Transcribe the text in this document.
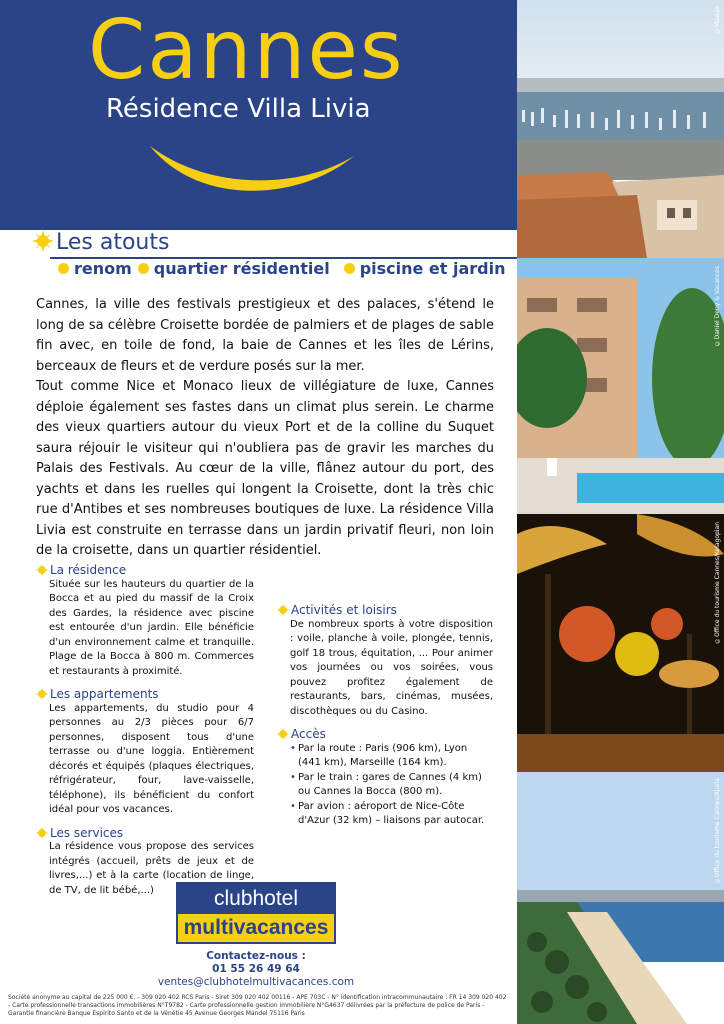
Cannes
Résidence Villa Livia
Les atouts
renom quartier résidentiel piscine et jardin

Cannes, la ville des festivals prestigieux et des palaces, s'étend le long de sa célèbre Croisette bordée de palmiers et de plages de sable fin avec, en toile de fond, la baie de Cannes et les îles de Lérins, berceaux de fleurs et de verdure posés sur la mer.

Tout comme Nice et Monaco lieux de villégiature de luxe, Cannes déploie également ses fastes dans un climat plus serein. Le charme des vieux quartiers autour du vieux Port et de la colline du Suquet saura réjouir le visiteur qui n'oubliera pas de gravir les marches du Palais des Festivals. Au cœur de la ville, flânez autour du port, des yachts et dans les ruelles qui longent la Croisette, dont la très chic rue d'Antibes et ses nombreuses boutiques de luxe. La résidence Villa Livia est construite en terrasse dans un jardin privatif fleuri, non loin de la croisette, dans un quartier résidentiel.

La résidence
Située sur les hauteurs du quartier de la Bocca et au pied du massif de la Croix des Gardes, la résidence avec piscine est entourée d'un jardin. Elle bénéficie d'un environnement calme et tranquille. Plage de la Bocca à 800 m. Commerces et restaurants à proximité.
Les appartements
Les appartements, du studio pour 4 personnes au 2/3 pièces pour 6/7 personnes, disposent tous d'une terrasse ou d'une loggia. Entièrement décorés et équipés (plaques électriques, réfrigérateur, four, lave-vaisselle, téléphone), ils bénéficient du confort idéal pour vos vacances.
Les services
La résidence vous propose des services intégrés (accueil, prêts de jeux et de livres,...) et à la carte (location de linge, de TV, de lit bébé,...)
Activités et loisirs
De nombreux sports à votre disposition : voile, planche à voile, plongée, tennis, golf 18 trous, équitation, ... Pour animer vos journées ou vos soirées, vous pouvez profitez également de restaurants, bars, cinémas, musées, discothèques ou du Casino.
Accès
• Par la route : Paris (906 km), Lyon (441 km), Marseille (164 km).
• Par le train : gares de Cannes (4 km) ou Cannes la Bocca (800 m).
• Par avion : aéroport de Nice-Côte d'Azur (32 km) – liaisons par autocar.
clubhotel
multivacances
Contactez-nous :
01 55 26 49 64
ventes@clubhotelmultivacances.com
Société anonyme au capital de 225 000 €. - 309 020 402 RCS Paris - Siret 309 020 402 00116 - APE 703C - N° identification intracommunautaire : FR 14 309 020 402 - Carte professionnelle transactions immobilières N°T9782 - Carte professionnelle gestion immobilière N°G4637 délivrées par la préfecture de police de Paris - Garantie financière Banque Espirito Santo et de la Vénétie 45 Avenue Georges Mandel 75116 Paris
©Mawax
©Daniel Deny & Vacances
©Office du tourisme Cannes/Kelagopian
©Office du tourisme Cannes/Ajuria
©Alsaku
